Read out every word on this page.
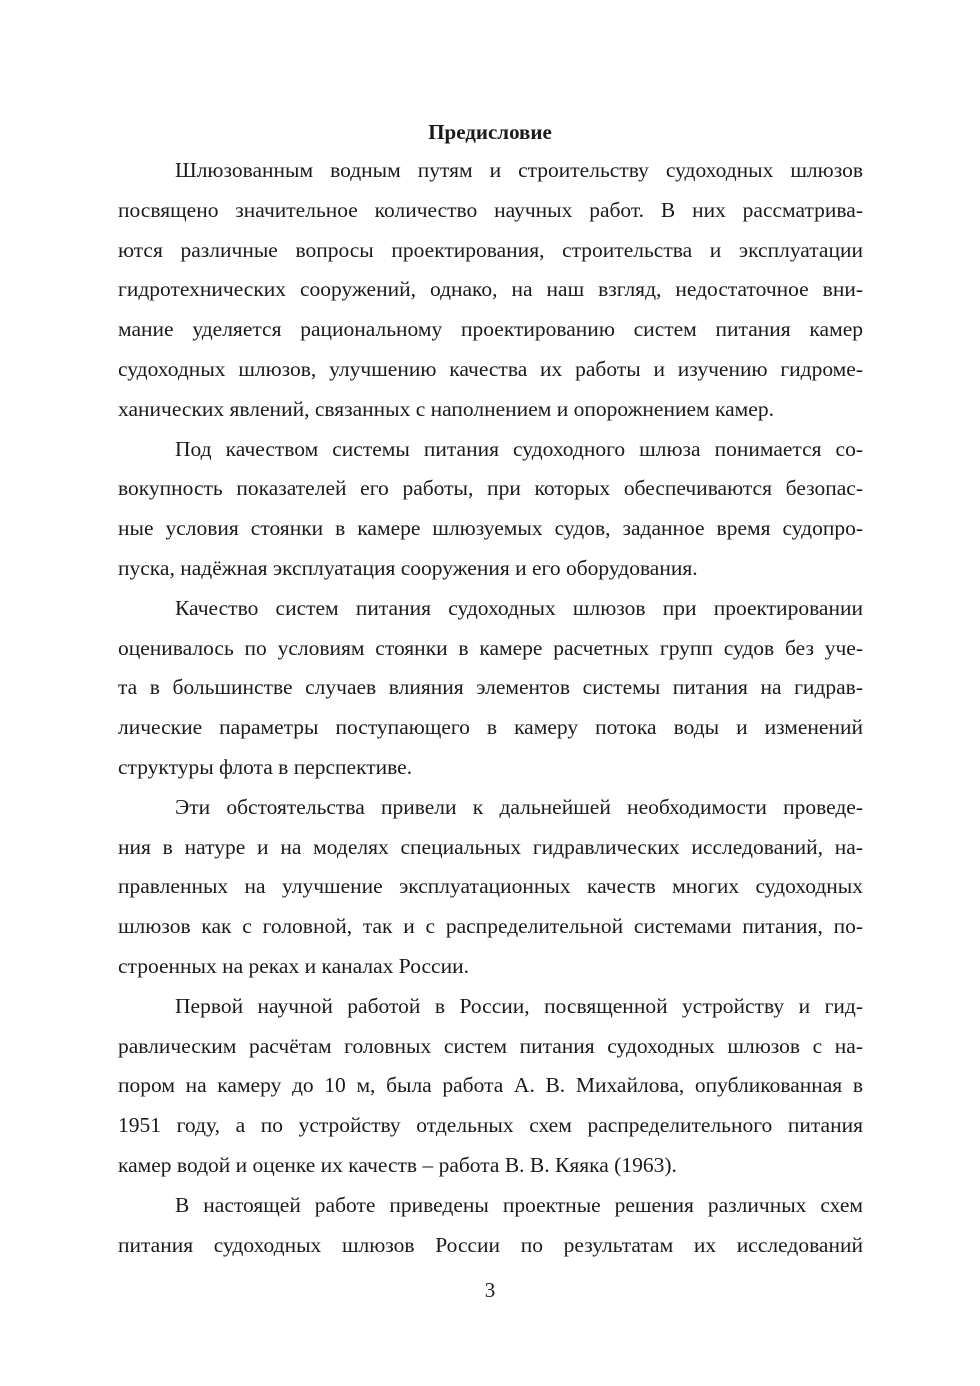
Предисловие
Шлюзованным водным путям и строительству судоходных шлюзов
посвящено значительное количество научных работ. В них рассматрива-
ются различные вопросы проектирования, строительства и эксплуатации
гидротехнических сооружений, однако, на наш взгляд, недостаточное вни-
мание уделяется рациональному проектированию систем питания камер
судоходных шлюзов, улучшению качества их работы и изучению гидроме-
ханических явлений, связанных с наполнением и опорожнением камер.
Под качеством системы питания судоходного шлюза понимается со-
вокупность показателей его работы, при которых обеспечиваются безопас-
ные условия стоянки в камере шлюзуемых судов, заданное время судопро-
пуска, надёжная эксплуатация сооружения и его оборудования.
Качество систем питания судоходных шлюзов при проектировании
оценивалось по условиям стоянки в камере расчетных групп судов без уче-
та в большинстве случаев влияния элементов системы питания на гидрав-
лические параметры поступающего в камеру потока воды и изменений
структуры флота в перспективе.
Эти обстоятельства привели к дальнейшей необходимости проведе-
ния в натуре и на моделях специальных гидравлических исследований, на-
правленных на улучшение эксплуатационных качеств многих судоходных
шлюзов как с головной, так и с распределительной системами питания, по-
строенных на реках и каналах России.
Первой научной работой в России, посвященной устройству и гид-
равлическим расчётам головных систем питания судоходных шлюзов с на-
пором на камеру до 10 м, была работа А. В. Михайлова, опубликованная в
1951 году, а по устройству отдельных схем распределительного питания
камер водой и оценке их качеств – работа В. В. Кяяка (1963).
В настоящей работе приведены проектные решения различных схем
питания судоходных шлюзов России по результатам их исследований
3
